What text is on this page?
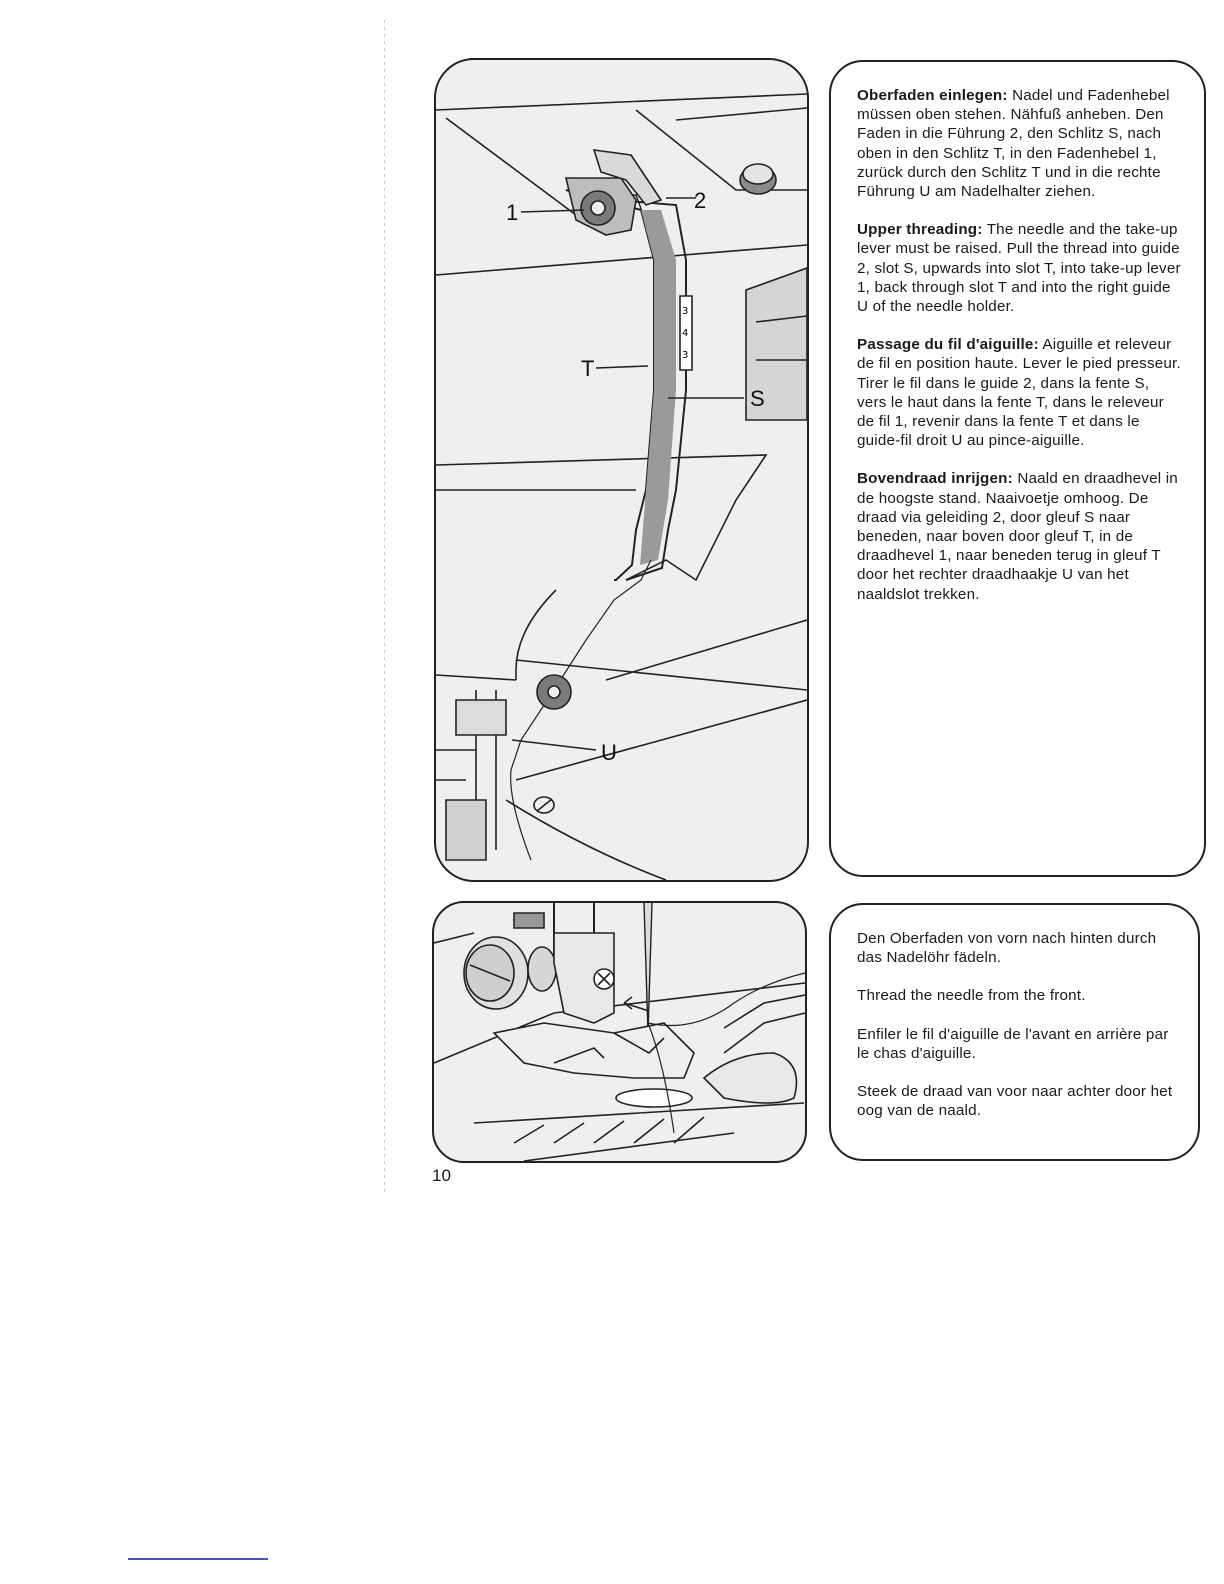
3
4
3
1	2
T
S
U

Oberfaden einlegen: Nadel und Fadenhebel müssen oben stehen. Nähfuß anheben. Den Faden in die Führung 2, den Schlitz S, nach oben in den Schlitz T, in den Fadenhebel 1, zurück durch den Schlitz T und in die rechte Führung U am Nadelhalter ziehen.

Upper threading: The needle and the take-up lever must be raised. Pull the thread into guide 2, slot S, upwards into slot T, into take-up lever 1, back through slot T and into the right guide U of the needle holder.

Passage du fil d'aiguille: Aiguille et releveur de fil en position haute. Lever le pied presseur. Tirer le fil dans le guide 2, dans la fente S, vers le haut dans la fente T, dans le releveur de fil 1, revenir dans la fente T et dans le guide-fil droit U au pince-aiguille.

Bovendraad inrijgen: Naald en draadhevel in de hoogste stand. Naaivoetje omhoog. De draad via geleiding 2, door gleuf S naar beneden, naar boven door gleuf T, in de draadhevel 1, naar beneden terug in gleuf T door het rechter draadhaakje U van het naaldslot trekken.

Den Oberfaden von vorn nach hinten durch das Nadelöhr fädeln.

Thread the needle from the front.

Enfiler le fil d'aiguille de l'avant en arrière par le chas d'aiguille.

Steek de draad van voor naar achter door het oog van de naald.

10
